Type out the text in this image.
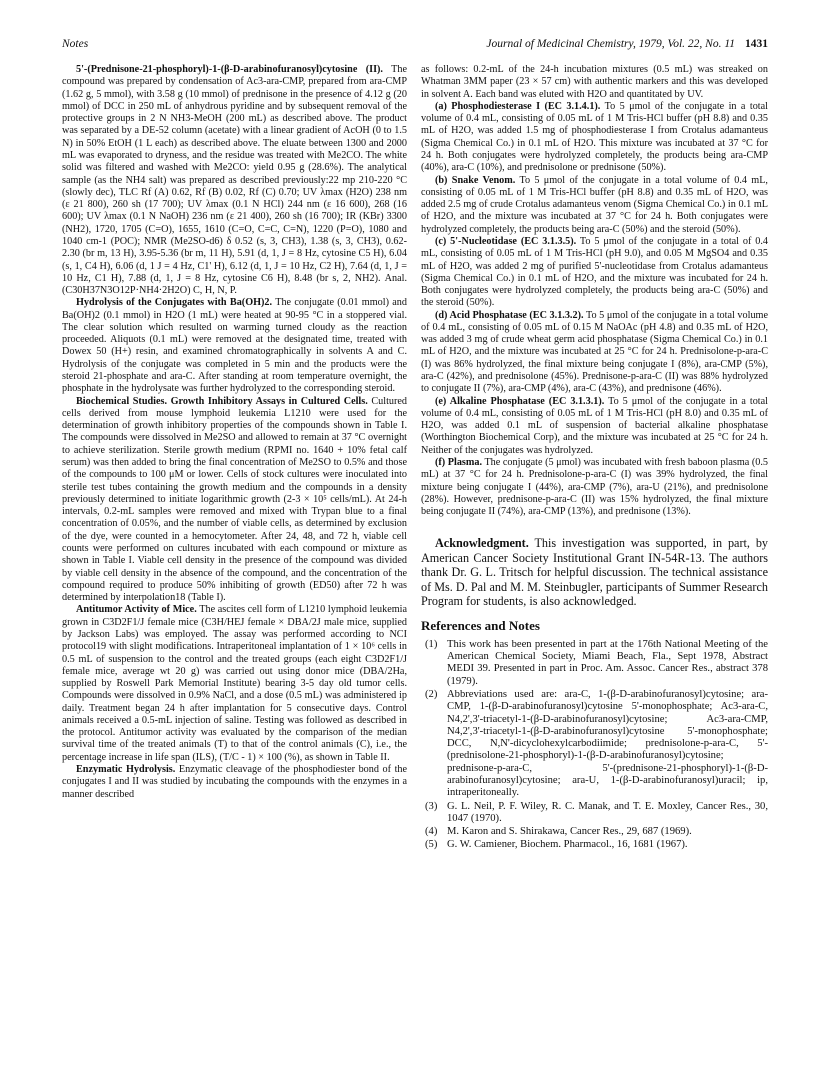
Notes	Journal of Medicinal Chemistry, 1979, Vol. 22, No. 11 1431

5'-(Prednisone-21-phosphoryl)-1-(β-D-arabinofuranosyl)cytosine (II). The compound was prepared by condensation of Ac3-ara-CMP, prepared from ara-CMP (1.62 g, 5 mmol), with 3.58 g (10 mmol) of prednisone in the presence of 4.12 g (20 mmol) of DCC in 250 mL of anhydrous pyridine and by subsequent removal of the protective groups in 2 N NH3-MeOH (200 mL) as described above. The product was separated by a DE-52 column (acetate) with a linear gradient of AcOH (0 to 1.5 N) in 50% EtOH (1 L each) as described above. The eluate between 1300 and 2000 mL was evaporated to dryness, and the residue was treated with Me2CO. The white solid was filtered and washed with Me2CO: yield 0.95 g (28.6%). The analytical sample (as the NH4 salt) was prepared as described previously:22 mp 210-220 °C (slowly dec), TLC Rf (A) 0.62, Rf (B) 0.02, Rf (C) 0.70; UV λmax (H2O) 238 nm (ε 21 800), 260 sh (17 700); UV λmax (0.1 N HCl) 244 nm (ε 16 600), 268 (16 600); UV λmax (0.1 N NaOH) 236 nm (ε 21 400), 260 sh (16 700); IR (KBr) 3300 (NH2), 1720, 1705 (C=O), 1655, 1610 (C=O, C=C, C=N), 1220 (P=O), 1080 and 1040 cm-1 (POC); NMR (Me2SO-d6) δ 0.52 (s, 3, CH3), 1.38 (s, 3, CH3), 0.62-2.30 (br m, 13 H), 3.95-5.36 (br m, 11 H), 5.91 (d, 1, J = 8 Hz, cytosine C5 H), 6.04 (s, 1, C4 H), 6.06 (d, 1 J = 4 Hz, C1' H), 6.12 (d, 1, J = 10 Hz, C2 H), 7.64 (d, 1, J = 10 Hz, C1 H), 7.88 (d, 1, J = 8 Hz, cytosine C6 H), 8.48 (br s, 2, NH2). Anal. (C30H37N3O12P·NH4·2H2O) C, H, N, P.

Hydrolysis of the Conjugates with Ba(OH)2. The conjugate (0.01 mmol) and Ba(OH)2 (0.1 mmol) in H2O (1 mL) were heated at 90-95 °C in a stoppered vial. The clear solution which resulted on warming turned cloudy as the reaction proceeded. Aliquots (0.1 mL) were removed at the designated time, treated with Dowex 50 (H+) resin, and examined chromatographically in solvents A and C. Hydrolysis of the conjugate was completed in 5 min and the products were the steroid 21-phosphate and ara-C. After standing at room temperature overnight, the phosphate in the hydrolysate was further hydrolyzed to the corresponding steroid.

Biochemical Studies. Growth Inhibitory Assays in Cultured Cells. Cultured cells derived from mouse lymphoid leukemia L1210 were used for the determination of growth inhibitory properties of the compounds shown in Table I. The compounds were dissolved in Me2SO and allowed to remain at 37 °C overnight to achieve sterilization. Sterile growth medium (RPMI no. 1640 + 10% fetal calf serum) was then added to bring the final concentration of Me2SO to 0.5% and those of the compounds to 100 μM or lower. Cells of stock cultures were inoculated into sterile test tubes containing the growth medium and the compounds in a density previously determined to initiate logarithmic growth (2-3 × 10⁵ cells/mL). At 24-h intervals, 0.2-mL samples were removed and mixed with Trypan blue to a final concentration of 0.05%, and the number of viable cells, as determined by exclusion of the dye, were counted in a hemocytometer. After 24, 48, and 72 h, viable cell counts were performed on cultures incubated with each compound or mixture as shown in Table I. Viable cell density in the presence of the compound was divided by viable cell density in the absence of the compound, and the concentration of the compound required to produce 50% inhibiting of growth (ED50) after 72 h was determined by interpolation18 (Table I).

Antitumor Activity of Mice. The ascites cell form of L1210 lymphoid leukemia grown in C3D2F1/J female mice (C3H/HEJ female × DBA/2J male mice, supplied by Jackson Labs) was employed. The assay was performed according to NCI protocol19 with slight modifications. Intraperitoneal implantation of 1 × 10⁶ cells in 0.5 mL of suspension to the control and the treated groups (each eight C3D2F1/J female mice, average wt 20 g) was carried out using donor mice (DBA/2Ha, supplied by Roswell Park Memorial Institute) bearing 3-5 day old tumor cells. Compounds were dissolved in 0.9% NaCl, and a dose (0.5 mL) was administered ip daily. Treatment began 24 h after implantation for 5 consecutive days. Control animals received a 0.5-mL injection of saline. Testing was followed as described in the protocol. Antitumor activity was evaluated by the comparison of the median survival time of the treated animals (T) to that of the control animals (C), i.e., the percentage increase in life span (ILS), (T/C - 1) × 100 (%), as shown in Table II.

Enzymatic Hydrolysis. Enzymatic cleavage of the phosphodiester bond of the conjugates I and II was studied by incubating the compounds with the enzymes in a manner described

as follows: 0.2-mL of the 24-h incubation mixtures (0.5 mL) was streaked on Whatman 3MM paper (23 × 57 cm) with authentic markers and this was developed in solvent A. Each band was eluted with H2O and quantitated by UV.

(a) Phosphodiesterase I (EC 3.1.4.1). To 5 μmol of the conjugate in a total volume of 0.4 mL, consisting of 0.05 mL of 1 M Tris-HCl buffer (pH 8.8) and 0.35 mL of H2O, was added 1.5 mg of phosphodiesterase I from Crotalus adamanteus (Sigma Chemical Co.) in 0.1 mL of H2O. This mixture was incubated at 37 °C for 24 h. Both conjugates were hydrolyzed completely, the products being ara-CMP (40%), ara-C (10%), and prednisolone or prednisone (50%).

(b) Snake Venom. To 5 μmol of the conjugate in a total volume of 0.4 mL, consisting of 0.05 mL of 1 M Tris-HCl buffer (pH 8.8) and 0.35 mL of H2O, was added 2.5 mg of crude Crotalus adamanteus venom (Sigma Chemical Co.) in 0.1 mL of H2O, and the mixture was incubated at 37 °C for 24 h. Both conjugates were hydrolyzed completely, the products being ara-C (50%) and the steroid (50%).

(c) 5'-Nucleotidase (EC 3.1.3.5). To 5 μmol of the conjugate in a total of 0.4 mL, consisting of 0.05 mL of 1 M Tris-HCl (pH 9.0), and 0.05 M MgSO4 and 0.35 mL of H2O, was added 2 mg of purified 5'-nucleotidase from Crotalus adamanteus (Sigma Chemical Co.) in 0.1 mL of H2O, and the mixture was incubated for 24 h. Both conjugates were hydrolyzed completely, the products being ara-C (50%) and the steroid (50%).

(d) Acid Phosphatase (EC 3.1.3.2). To 5 μmol of the conjugate in a total volume of 0.4 mL, consisting of 0.05 mL of 0.15 M NaOAc (pH 4.8) and 0.35 mL of H2O, was added 3 mg of crude wheat germ acid phosphatase (Sigma Chemical Co.) in 0.1 mL of H2O, and the mixture was incubated at 25 °C for 24 h. Prednisolone-p-ara-C (I) was 86% hydrolyzed, the final mixture being conjugate I (8%), ara-CMP (5%), ara-C (42%), and prednisolone (45%). Prednisone-p-ara-C (II) was 88% hydrolyzed to conjugate II (7%), ara-CMP (4%), ara-C (43%), and prednisone (46%).

(e) Alkaline Phosphatase (EC 3.1.3.1). To 5 μmol of the conjugate in a total volume of 0.4 mL, consisting of 0.05 mL of 1 M Tris-HCl (pH 8.0) and 0.35 mL of H2O, was added 0.1 mL of suspension of bacterial alkaline phosphatase (Worthington Biochemical Corp), and the mixture was incubated at 25 °C for 24 h. Neither of the conjugates was hydrolyzed.

(f) Plasma. The conjugate (5 μmol) was incubated with fresh baboon plasma (0.5 mL) at 37 °C for 24 h. Prednisolone-p-ara-C (I) was 39% hydrolyzed, the final mixture being conjugate I (44%), ara-CMP (7%), ara-U (21%), and prednisolone (28%). However, prednisone-p-ara-C (II) was 15% hydrolyzed, the final mixture being conjugate II (74%), ara-CMP (13%), and prednisone (13%).

Acknowledgment. This investigation was supported, in part, by American Cancer Society Institutional Grant IN-54R-13. The authors thank Dr. G. L. Tritsch for helpful discussion. The technical assistance of Ms. D. Pal and M. M. Steinbugler, participants of Summer Research Program for students, is also acknowledged.

References and Notes
(1) This work has been presented in part at the 176th National Meeting of the American Chemical Society, Miami Beach, Fla., Sept 1978, Abstract MEDI 39. Presented in part in Proc. Am. Assoc. Cancer Res., abstract 378 (1979).
(2) Abbreviations used are: ara-C, 1-(β-D-arabinofuranosyl)cytosine; ara-CMP, 1-(β-D-arabinofuranosyl)cytosine 5'-monophosphate; Ac3-ara-C, N4,2',3'-triacetyl-1-(β-D-arabinofuranosyl)cytosine; Ac3-ara-CMP, N4,2',3'-triacetyl-1-(β-D-arabinofuranosyl)cytosine 5'-monophosphate; DCC, N,N'-dicyclohexylcarbodiimide; prednisolone-p-ara-C, 5'-(prednisolone-21-phosphoryl)-1-(β-D-arabinofuranosyl)cytosine; prednisone-p-ara-C, 5'-(prednisone-21-phosphoryl)-1-(β-D-arabinofuranosyl)cytosine; ara-U, 1-(β-D-arabinofuranosyl)uracil; ip, intraperitoneally.
(3) G. L. Neil, P. F. Wiley, R. C. Manak, and T. E. Moxley, Cancer Res., 30, 1047 (1970).
(4) M. Karon and S. Shirakawa, Cancer Res., 29, 687 (1969).
(5) G. W. Camiener, Biochem. Pharmacol., 16, 1681 (1967).
